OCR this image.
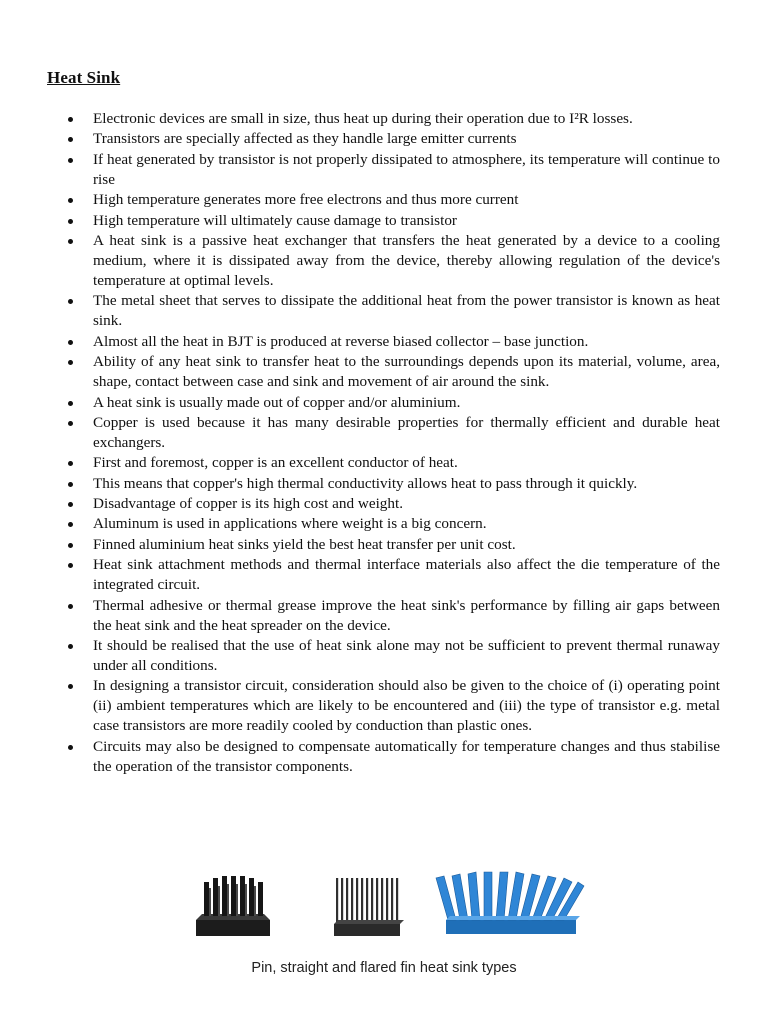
Heat Sink
Electronic devices are small in size, thus heat up during their operation due to I²R losses.
Transistors are specially affected as they handle large emitter currents
If heat generated by transistor is not properly dissipated to atmosphere, its temperature will continue to rise
High temperature generates more free electrons and thus more current
High temperature will ultimately cause damage to transistor
A heat sink is a passive heat exchanger that transfers the heat generated by a device to a cooling medium, where it is dissipated away from the device, thereby allowing regulation of the device's temperature at optimal levels.
The metal sheet that serves to dissipate the additional heat from the power transistor is known as heat sink.
Almost all the heat in BJT is produced at reverse biased collector – base junction.
Ability of any heat sink to transfer heat to the surroundings depends upon its material, volume, area, shape, contact between case and sink and movement of air around the sink.
A heat sink is usually made out of copper and/or aluminium.
Copper is used because it has many desirable properties for thermally efficient and durable heat exchangers.
First and foremost, copper is an excellent conductor of heat.
This means that copper's high thermal conductivity allows heat to pass through it quickly.
Disadvantage of copper is its high cost and weight.
Aluminum is used in applications where weight is a big concern.
Finned aluminium heat sinks yield the best heat transfer per unit cost.
Heat sink attachment methods and thermal interface materials also affect the die temperature of the integrated circuit.
Thermal adhesive or thermal grease improve the heat sink's performance by filling air gaps between the heat sink and the heat spreader on the device.
It should be realised that the use of heat sink alone may not be sufficient to prevent thermal runaway under all conditions.
In designing a transistor circuit, consideration should also be given to the choice of (i) operating point (ii) ambient temperatures which are likely to be encountered and (iii) the type of transistor e.g. metal case transistors are more readily cooled by conduction than plastic ones.
Circuits may also be designed to compensate automatically for temperature changes and thus stabilise the operation of the transistor components.
Pin, straight and flared fin heat sink types
